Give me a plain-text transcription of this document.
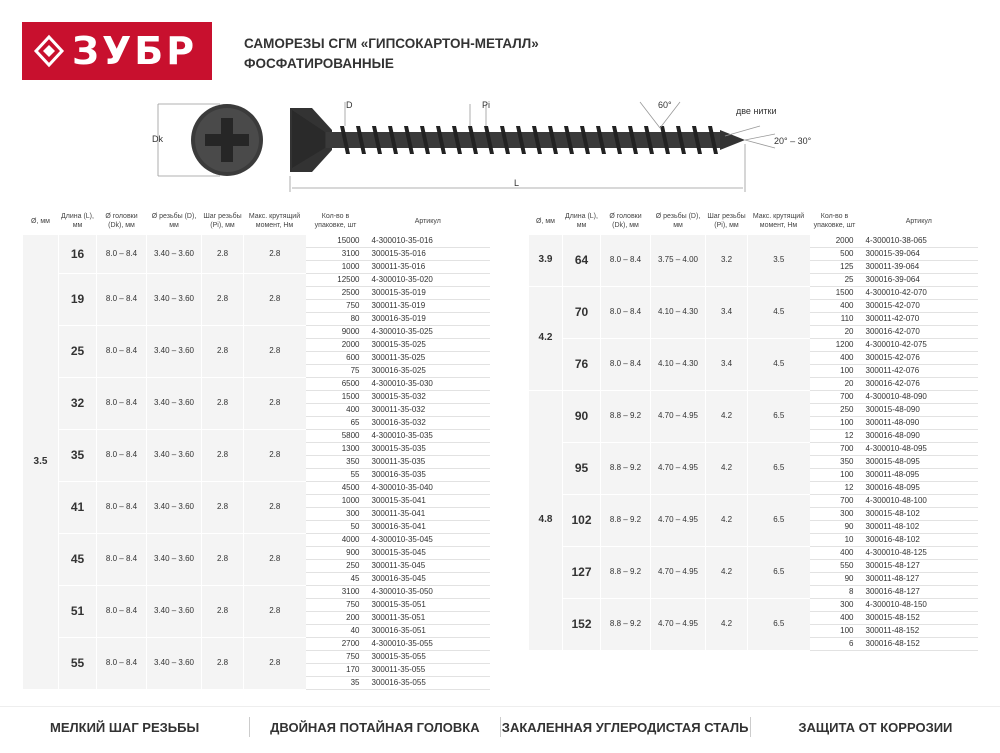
ЗУБР	САМОРЕЗЫ СГМ «ГИПСОКАРТОН-МЕТАЛЛ»
ФОСФАТИРОВАННЫЕ
Dk
D	Pi	60°
две нитки
20° – 30°
L
Ø, мм	Длина (L), мм	Ø головки (Dk), мм	Ø резьбы (D), мм	Шаг резьбы (Pi), мм	Макс. крутящий момент, Нм	Кол-во в упаковке, шт	Артикул
3.5	16	8.0 – 8.4	3.40 – 3.60	2.8	2.8	15000	4-300010-35-016
						3100	300015-35-016
						1000	300011-35-016
	19	8.0 – 8.4	3.40 – 3.60	2.8	2.8	12500	4-300010-35-020
						2500	300015-35-019
						750	300011-35-019
						80	300016-35-019
	25	8.0 – 8.4	3.40 – 3.60	2.8	2.8	9000	4-300010-35-025
						2000	300015-35-025
						600	300011-35-025
						75	300016-35-025
	32	8.0 – 8.4	3.40 – 3.60	2.8	2.8	6500	4-300010-35-030
						1500	300015-35-032
						400	300011-35-032
						65	300016-35-032
	35	8.0 – 8.4	3.40 – 3.60	2.8	2.8	5800	4-300010-35-035
						1300	300015-35-035
						350	300011-35-035
						55	300016-35-035
	41	8.0 – 8.4	3.40 – 3.60	2.8	2.8	4500	4-300010-35-040
						1000	300015-35-041
						300	300011-35-041
						50	300016-35-041
	45	8.0 – 8.4	3.40 – 3.60	2.8	2.8	4000	4-300010-35-045
						900	300015-35-045
						250	300011-35-045
						45	300016-35-045
	51	8.0 – 8.4	3.40 – 3.60	2.8	2.8	3100	4-300010-35-050
						750	300015-35-051
						200	300011-35-051
						40	300016-35-051
	55	8.0 – 8.4	3.40 – 3.60	2.8	2.8	2700	4-300010-35-055
						750	300015-35-055
						170	300011-35-055
						35	300016-35-055
Ø, мм	Длина (L), мм	Ø головки (Dk), мм	Ø резьбы (D), мм	Шаг резьбы (Pi), мм	Макс. крутящий момент, Нм	Кол-во в упаковке, шт	Артикул
3.9	64	8.0 – 8.4	3.75 – 4.00	3.2	3.5	2000	4-300010-38-065
						500	300015-39-064
						125	300011-39-064
						25	300016-39-064
4.2	70	8.0 – 8.4	4.10 – 4.30	3.4	4.5	1500	4-300010-42-070
						400	300015-42-070
						110	300011-42-070
						20	300016-42-070
	76	8.0 – 8.4	4.10 – 4.30	3.4	4.5	1200	4-300010-42-075
						400	300015-42-076
						100	300011-42-076
						20	300016-42-076
4.8	90	8.8 – 9.2	4.70 – 4.95	4.2	6.5	700	4-300010-48-090
						250	300015-48-090
						100	300011-48-090
						12	300016-48-090
	95	8.8 – 9.2	4.70 – 4.95	4.2	6.5	700	4-300010-48-095
						350	300015-48-095
						100	300011-48-095
						12	300016-48-095
	102	8.8 – 9.2	4.70 – 4.95	4.2	6.5	700	4-300010-48-100
						300	300015-48-102
						90	300011-48-102
						10	300016-48-102
	127	8.8 – 9.2	4.70 – 4.95	4.2	6.5	400	4-300010-48-125
						550	300015-48-127
						90	300011-48-127
						8	300016-48-127
	152	8.8 – 9.2	4.70 – 4.95	4.2	6.5	300	4-300010-48-150
						400	300015-48-152
						100	300011-48-152
						6	300016-48-152
МЕЛКИЙ ШАГ РЕЗЬБЫ	ДВОЙНАЯ ПОТАЙНАЯ ГОЛОВКА	ЗАКАЛЕННАЯ УГЛЕРОДИСТАЯ СТАЛЬ	ЗАЩИТА ОТ КОРРОЗИИ
